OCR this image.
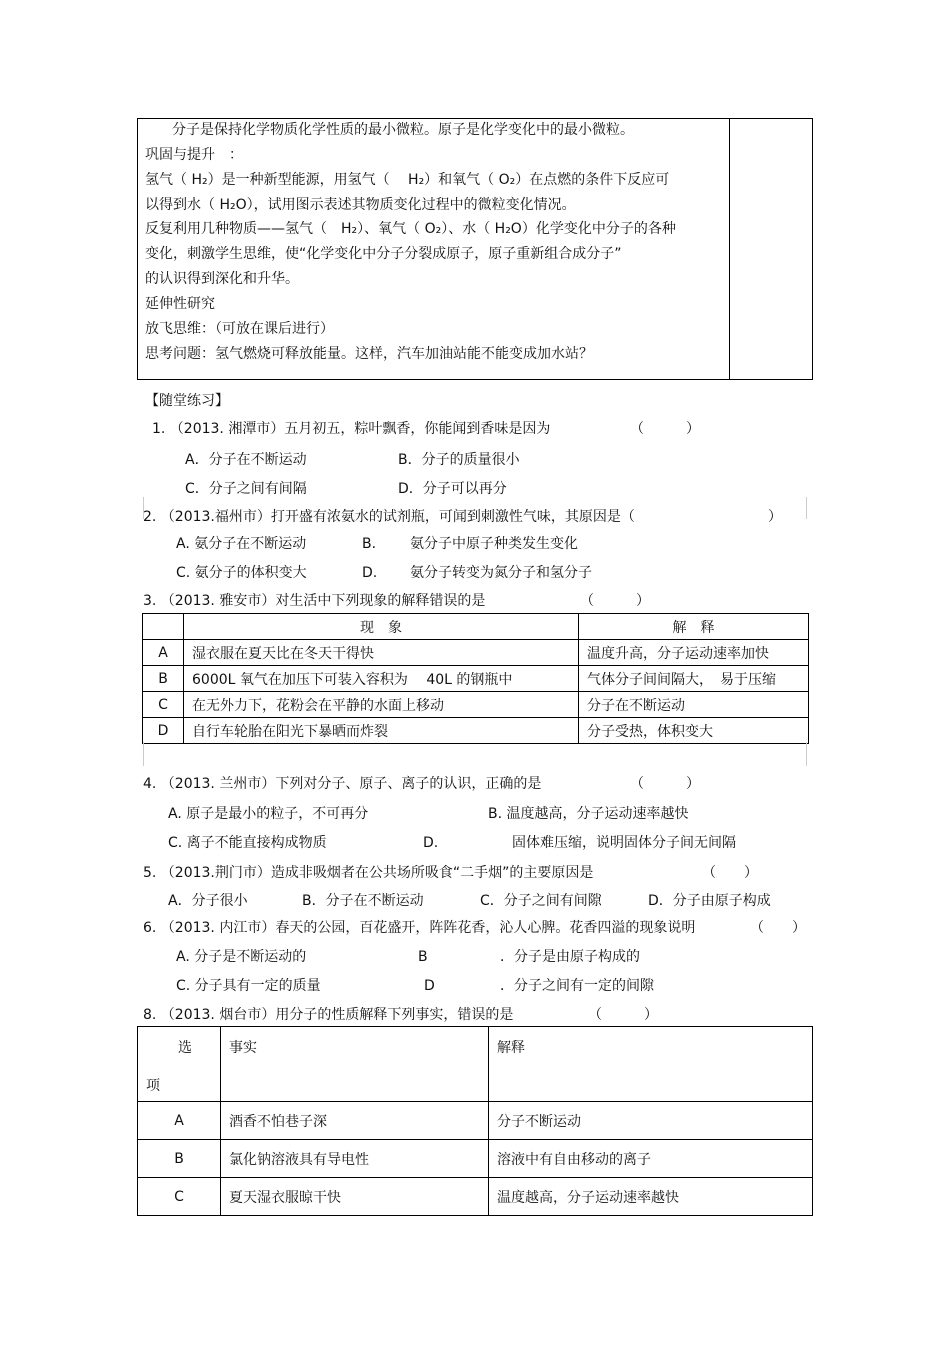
分子是保持化学物质化学性质的最小微粒。原子是化学变化中的最小微粒。
巩固与提升　：
氢气（ H₂）是一种新型能源，用氢气（　 H₂）和氧气（ O₂）在点燃的条件下反应可
以得到水（ H₂O），试用图示表述其物质变化过程中的微粒变化情况。
反复利用几种物质——氢气（　H₂）、氧气（ O₂）、水（ H₂O）化学变化中分子的各种
变化，刺激学生思维，使“化学变化中分子分裂成原子，原子重新组合成分子”
的认识得到深化和升华。
延伸性研究
放飞思维：（可放在课后进行）
思考问题：氢气燃烧可释放能量。这样，汽车加油站能不能变成加水站？
【随堂练习】
1. （2013. 湘潭市）五月初五，粽叶飘香，你能闻到香味是因为	（　　　）
A．分子在不断运动	B．分子的质量很小
C．分子之间有间隔	D．分子可以再分
2. （2013.福州市）打开盛有浓氨水的试剂瓶，可闻到刺激性气味，其原因是（	）
A. 氨分子在不断运动	B. 氨分子中原子种类发生变化
C. 氨分子的体积变大	D. 氨分子转变为氮分子和氢分子
3. （2013. 雅安市）对生活中下列现象的解释错误的是	（　　　）
	现　象	解　释
A	湿衣服在夏天比在冬天干得快	温度升高，分子运动速率加快
B	6000L 氧气在加压下可装入容积为　 40L 的钢瓶中	气体分子间间隔大，　易于压缩
C	在无外力下，花粉会在平静的水面上移动	分子在不断运动
D	自行车轮胎在阳光下暴晒而炸裂	分子受热，体积变大
4. （2013. 兰州市）下列对分子、原子、离子的认识，正确的是	（　　　）
A. 原子是最小的粒子，不可再分	B. 温度越高，分子运动速率越快
C. 离子不能直接构成物质	D.	固体难压缩，说明固体分子间无间隔
5. （2013.荆门市）造成非吸烟者在公共场所吸食“二手烟”的主要原因是	（　　）
A．分子很小	B．分子在不断运动	C．分子之间有间隙	D．分子由原子构成
6. （2013. 内江市）春天的公园，百花盛开，阵阵花香，沁人心脾。花香四溢的现象说明	（　　）
A. 分子是不断运动的	B	．分子是由原子构成的
C. 分子具有一定的质量	D	．分子之间有一定的间隙
8. （2013. 烟台市）用分子的性质解释下列事实，错误的是	（　　　）
选
项	事实	解释
A	酒香不怕巷子深	分子不断运动
B	氯化钠溶液具有导电性	溶液中有自由移动的离子
C	夏天湿衣服晾干快	温度越高，分子运动速率越快
